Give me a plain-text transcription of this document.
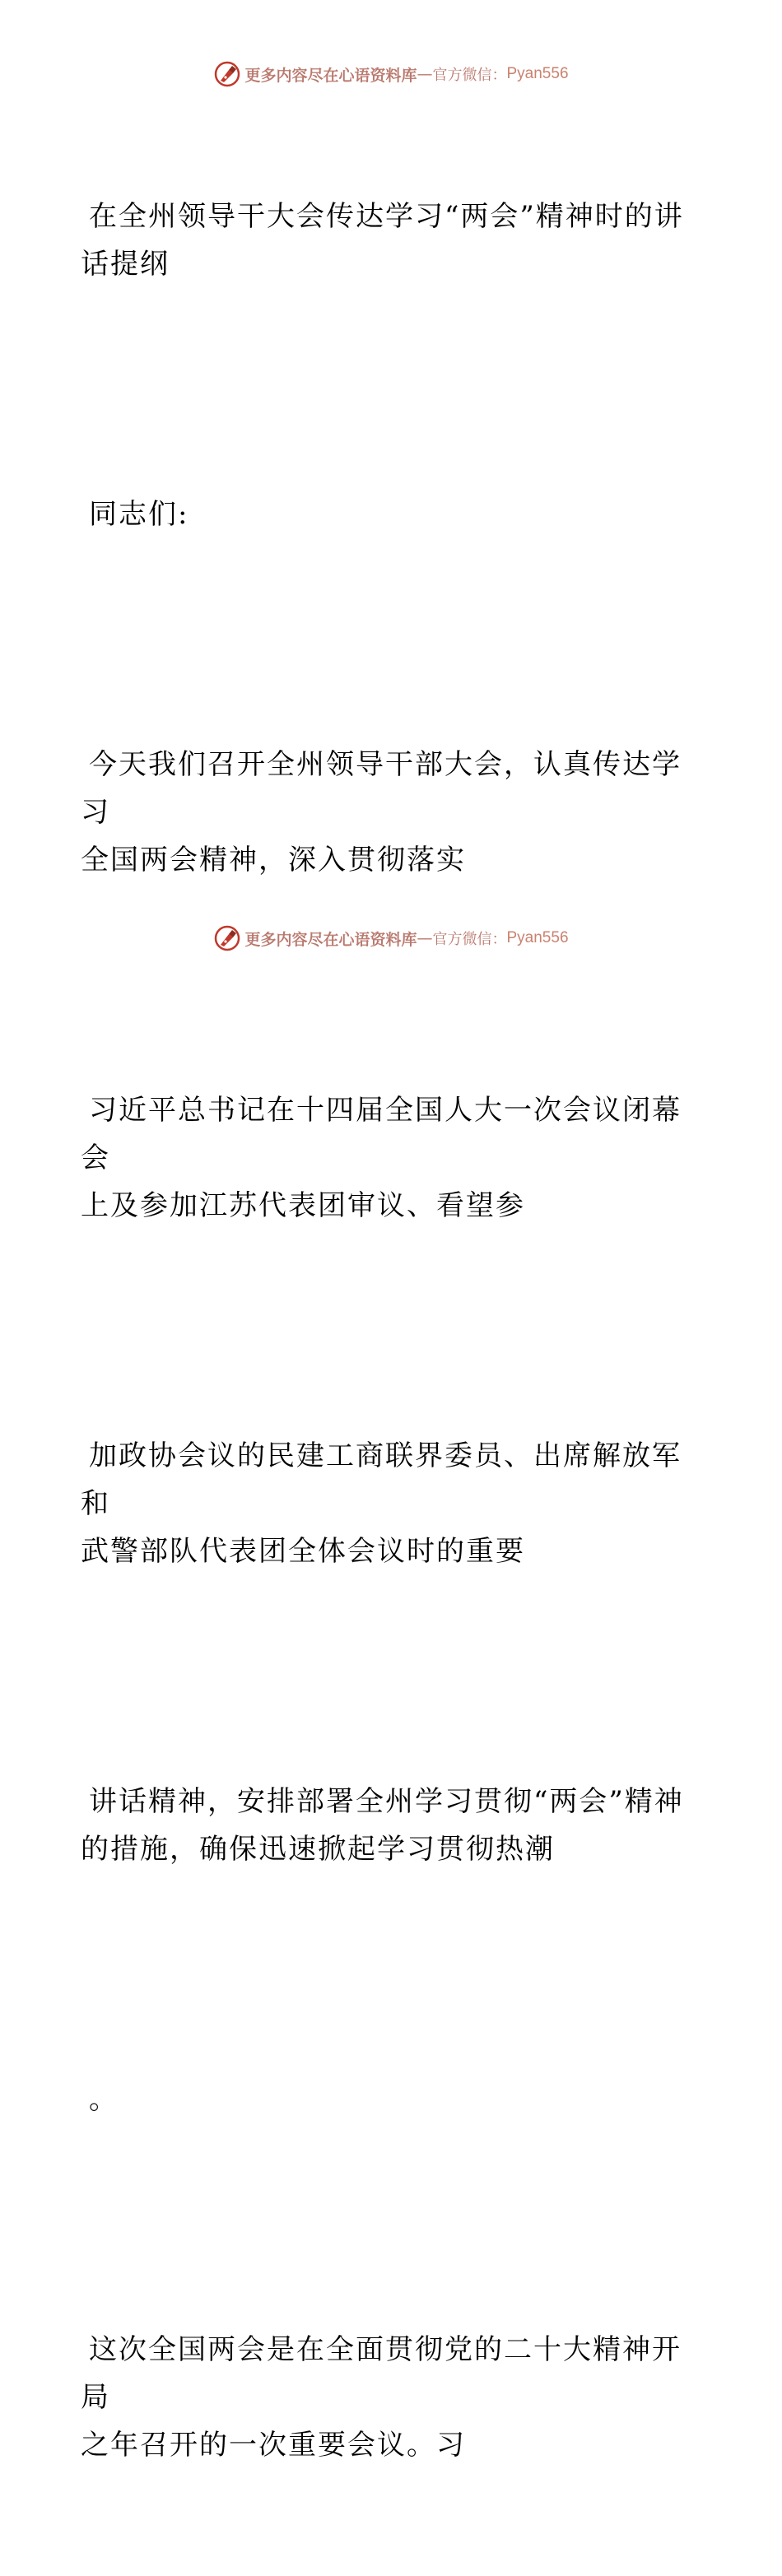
更多内容尽在心语资料库 — 官方微信： Pyan556

在全州领导干大会传达学习“两会”精神时的讲
话提纲

同志们:

今天我们召开全州领导干部大会，认真传达学习
全国两会精神，深入贯彻落实

习近平总书记在十四届全国人大一次会议闭幕会
上及参加江苏代表团审议、看望参

加政协会议的民建工商联界委员、出席解放军和
武警部队代表团全体会议时的重要

讲话精神，安排部署全州学习贯彻“两会”精神
的措施，确保迅速掀起学习贯彻热潮

。

这次全国两会是在全面贯彻党的二十大精神开局
之年召开的一次重要会议。习

更多内容尽在心语资料库 — 官方微信： Pyan556
